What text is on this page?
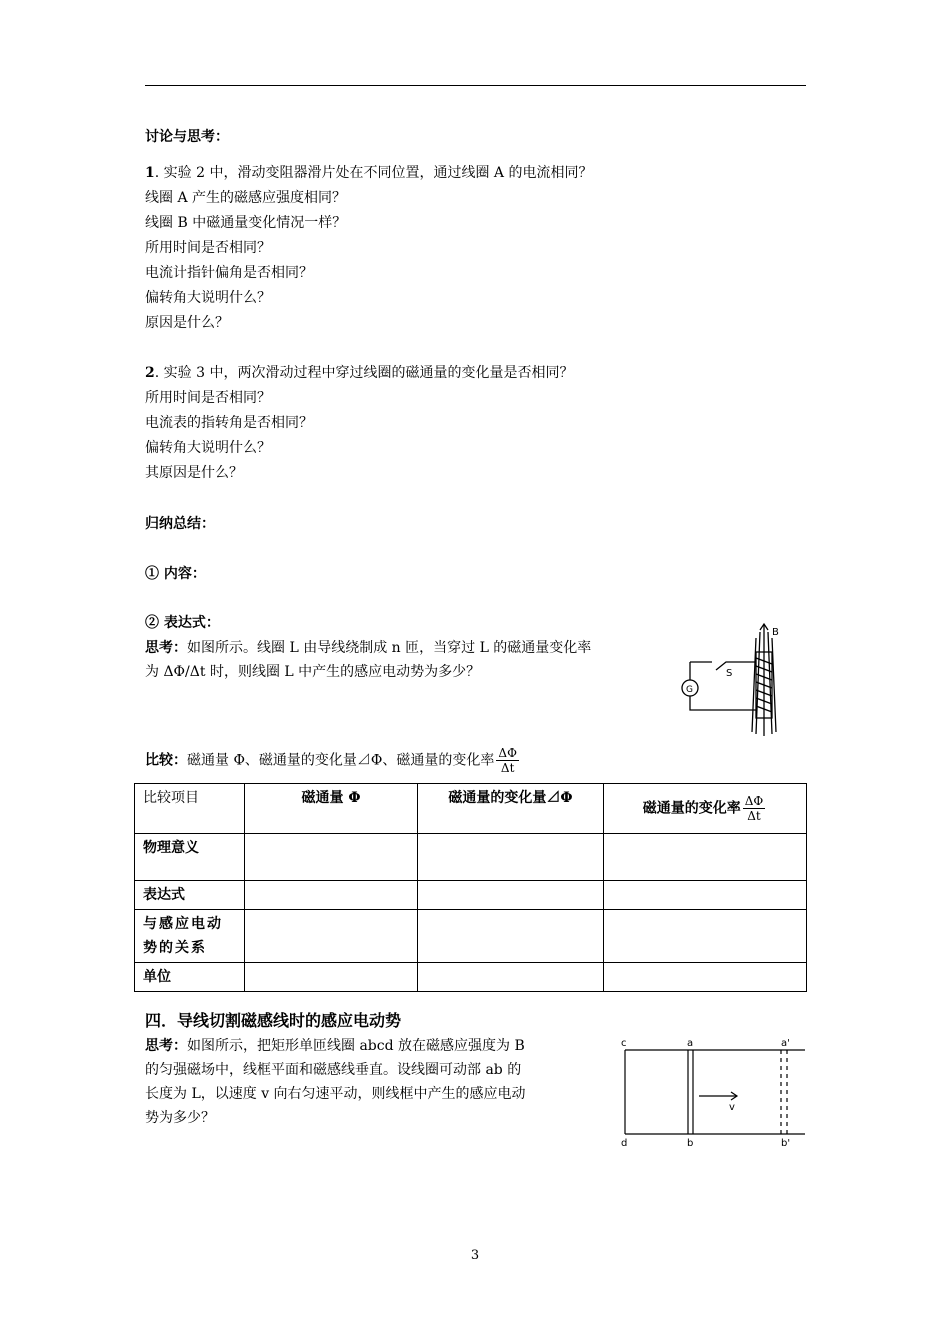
讨论与思考：
1. 实验 2 中，滑动变阻器滑片处在不同位置，通过线圈 A 的电流相同？
线圈 A 产生的磁感应强度相同？
线圈 B 中磁通量变化情况一样？
所用时间是否相同？
电流计指针偏角是否相同？
偏转角大说明什么？
原因是什么？
2. 实验 3 中，两次滑动过程中穿过线圈的磁通量的变化量是否相同？
所用时间是否相同？
电流表的指转角是否相同？
偏转角大说明什么？
其原因是什么？
归纳总结：
① 内容：
② 表达式：
思考：如图所示。线圈 L 由导线绕制成 n 匝，当穿过 L 的磁通量变化率
为 ΔΦ/Δt 时，则线圈 L 中产生的感应电动势为多少？
B
S
G
比较：磁通量 Φ、磁通量的变化量⊿Φ、磁通量的变化率 $\frac{\Delta\Phi}{\Delta t}$
比较项目	磁通量 Φ	磁通量的变化量⊿Φ	磁通量的变化率 $\frac{\Delta\Phi}{\Delta t}$

物理意义			
表达式			
与感应电动势的关系			
单位			
四．导线切割磁感线时的感应电动势
思考：如图所示，把矩形单匝线圈 abcd 放在磁感应强度为 B
的匀强磁场中，线框平面和磁感线垂直。设线圈可动部 ab 的
长度为 L，以速度 v 向右匀速平动，则线框中产生的感应电动
势为多少？
c	a	a'
d	b	b'
v
3
